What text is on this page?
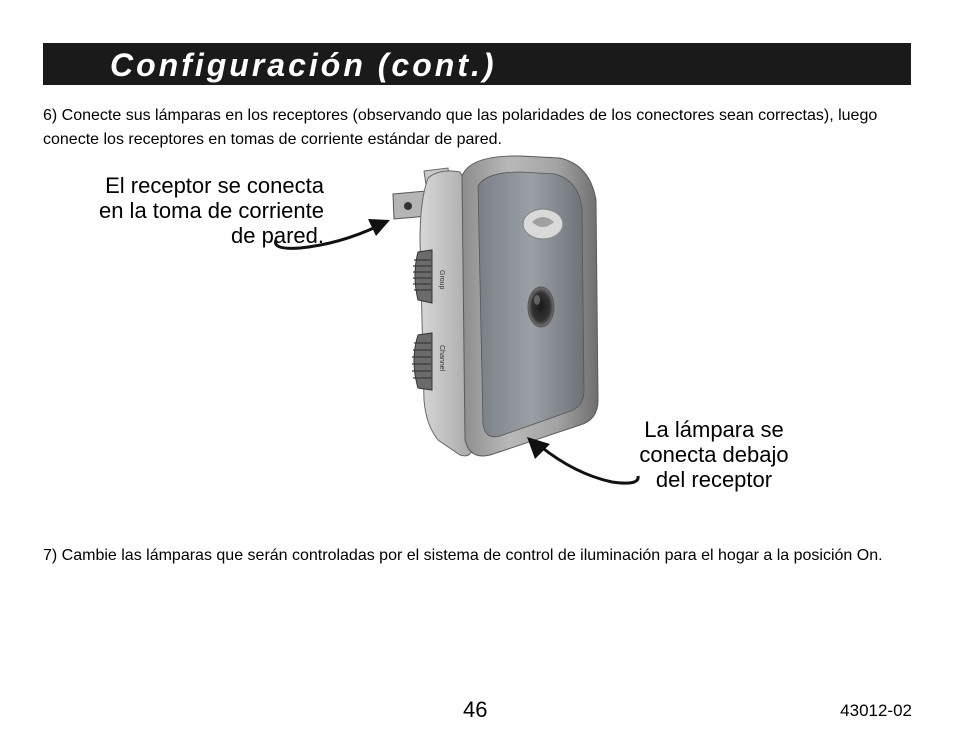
Configuración (cont.)

6) Conecte sus lámparas en los receptores (observando que las polaridades de los conectores sean correctas), luego conecte los receptores en tomas de corriente estándar de pared.

El receptor se conecta
en la toma de corriente
de pared.

La lámpara se
conecta debajo
del receptor

Group
Channel

7) Cambie las lámparas que serán controladas por el sistema de control de iluminación para el hogar a la posición On.

46	43012-02
